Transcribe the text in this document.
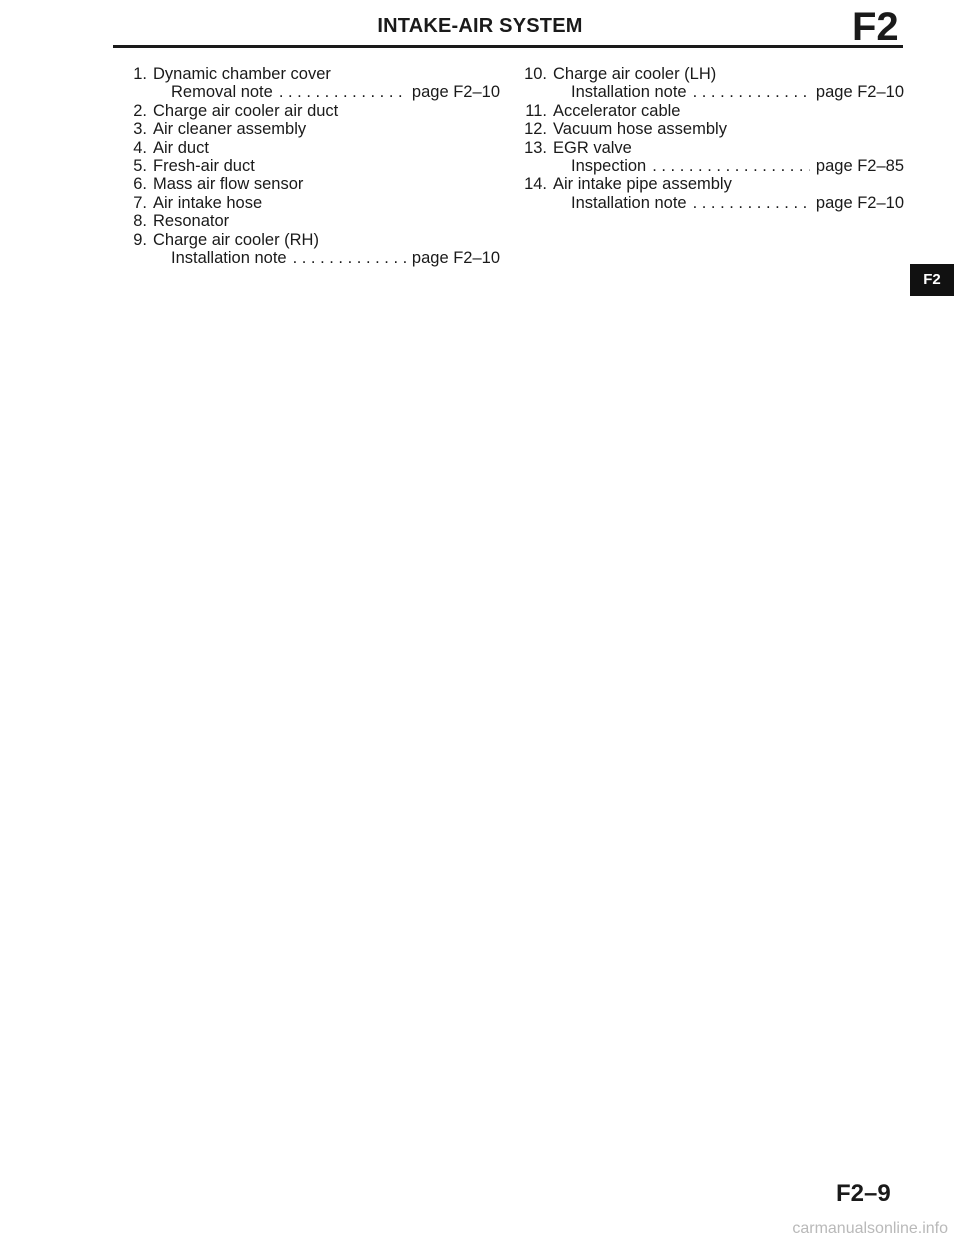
INTAKE-AIR SYSTEM	F2
1. Dynamic chamber cover
Removal note . . .	page F2–10
2. Charge air cooler air duct
3. Air cleaner assembly
4. Air duct
5. Fresh-air duct
6. Mass air flow sensor
7. Air intake hose
8. Resonator
9. Charge air cooler (RH)
Installation note . . .	page F2–10
10. Charge air cooler (LH)
Installation note . . .	page F2–10
11. Accelerator cable
12. Vacuum hose assembly
13. EGR valve
Inspection . . .	page F2–85
14. Air intake pipe assembly
Installation note . . .	page F2–10
F2
F2–9
carmanualsonline.info
